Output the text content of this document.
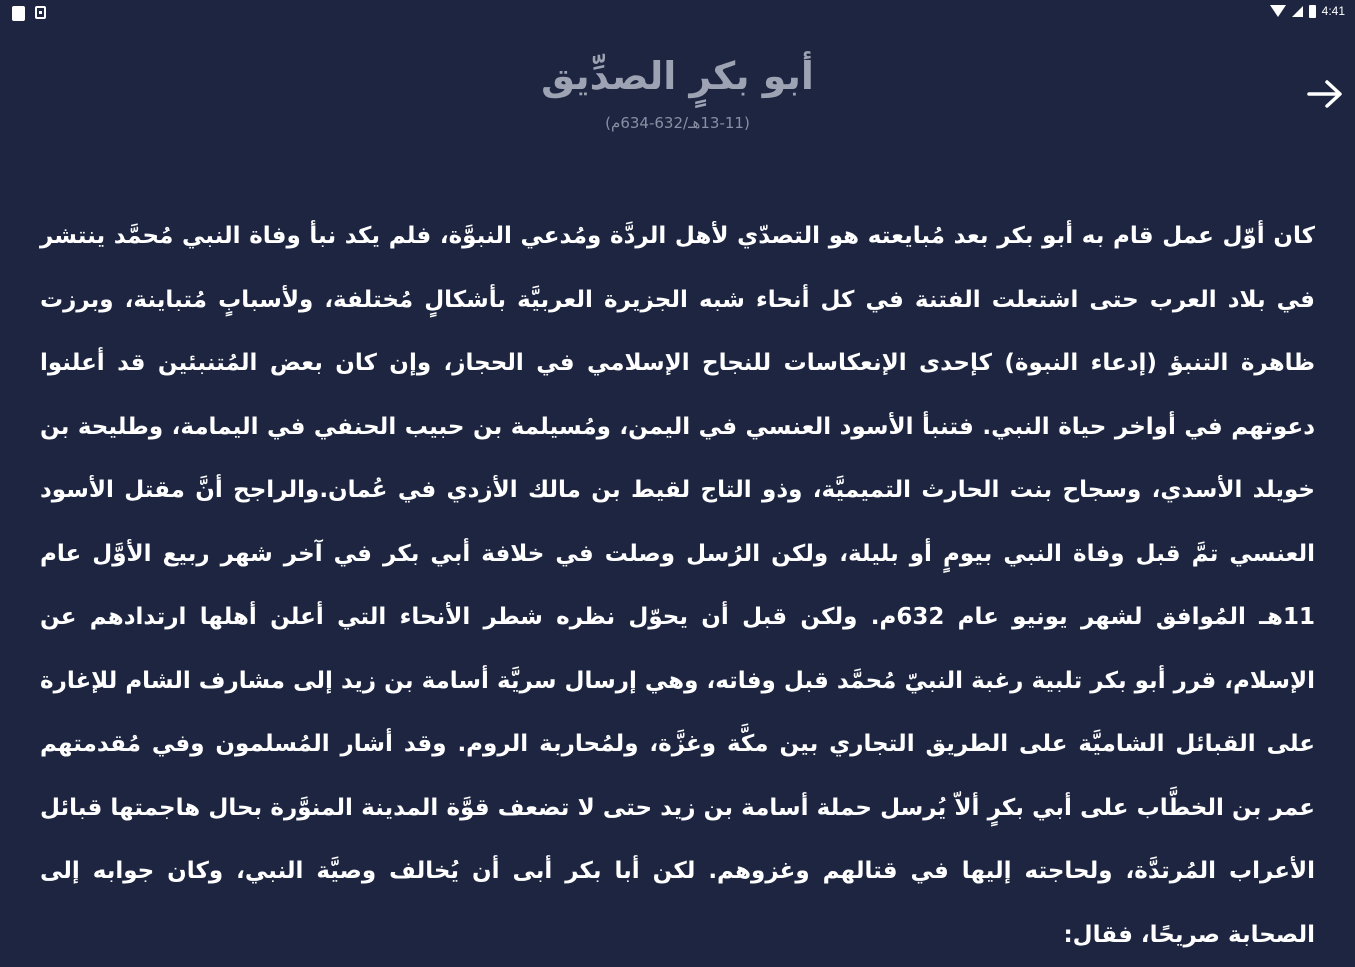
4:41
أبو بكرٍ الصدِّيق
(13-11هـ/632-634م)
كان أوّل عمل قام به أبو بكر بعد مُبايعته هو التصدّي لأهل الردَّة ومُدعي النبوَّة، فلم يكد نبأ وفاة النبي مُحمَّد ينتشر في بلاد العرب حتى اشتعلت الفتنة في كل أنحاء شبه الجزيرة العربيَّة بأشكالٍ مُختلفة، ولأسبابٍ مُتباينة، وبرزت ظاهرة التنبؤ (إدعاء النبوة) كإحدى الإنعكاسات للنجاح الإسلامي في الحجاز، وإن كان بعض المُتنبئين قد أعلنوا دعوتهم في أواخر حياة النبي. فتنبأ الأسود العنسي في اليمن، ومُسيلمة بن حبيب الحنفي في اليمامة، وطليحة بن خويلد الأسدي، وسجاح بنت الحارث التميميَّة، وذو التاج لقيط بن مالك الأزدي في عُمان.والراجح أنَّ مقتل الأسود العنسي تمَّ قبل وفاة النبي بيومٍ أو بليلة، ولكن الرُسل وصلت في خلافة أبي بكر في آخر شهر ربيع الأوَّل عام 11هـ المُوافق لشهر يونيو عام 632م. ولكن قبل أن يحوّل نظره شطر الأنحاء التي أعلن أهلها ارتدادهم عن الإسلام، قرر أبو بكر تلبية رغبة النبيّ مُحمَّد قبل وفاته، وهي إرسال سريَّة أسامة بن زيد إلى مشارف الشام للإغارة على القبائل الشاميَّة على الطريق التجاري بين مكَّة وغزَّة، ولمُحاربة الروم. وقد أشار المُسلمون وفي مُقدمتهم عمر بن الخطَّاب على أبي بكرٍ ألاّ يُرسل حملة أسامة بن زيد حتى لا تضعف قوَّة المدينة المنوَّرة بحال هاجمتها قبائل الأعراب المُرتدَّة، ولحاجته إليها في قتالهم وغزوهم. لكن أبا بكر أبى أن يُخالف وصيَّة النبي، وكان جوابه إلى الصحابة صريحًا، فقال:
